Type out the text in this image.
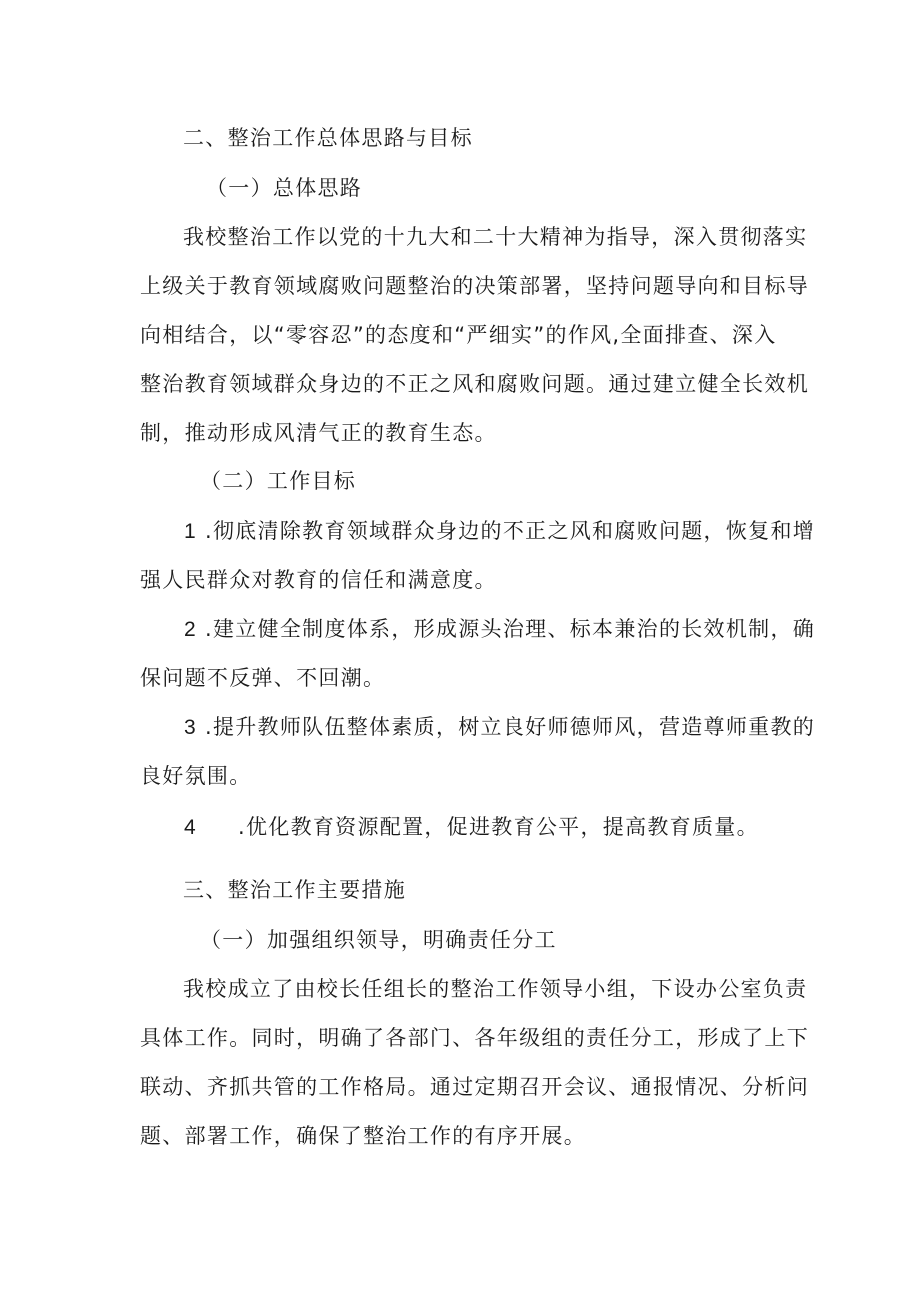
二、整治工作总体思路与目标
（一）总体思路
我校整治工作以党的十九大和二十大精神为指导，深入贯彻落实
上级关于教育领域腐败问题整治的决策部署，坚持问题导向和目标导
向相结合，以“零容忍”的态度和“严细实”的作风,全面排查、深入
整治教育领域群众身边的不正之风和腐败问题。通过建立健全长效机
制，推动形成风清气正的教育生态。
（二）工作目标
1 .彻底清除教育领域群众身边的不正之风和腐败问题，恢复和增
强人民群众对教育的信任和满意度。
2 .建立健全制度体系，形成源头治理、标本兼治的长效机制，确
保问题不反弹、不回潮。
3 .提升教师队伍整体素质，树立良好师德师风，营造尊师重教的
良好氛围。
4 .优化教育资源配置，促进教育公平，提高教育质量。
三、整治工作主要措施
（一）加强组织领导，明确责任分工
我校成立了由校长任组长的整治工作领导小组，下设办公室负责
具体工作。同时，明确了各部门、各年级组的责任分工，形成了上下
联动、齐抓共管的工作格局。通过定期召开会议、通报情况、分析问
题、部署工作，确保了整治工作的有序开展。
